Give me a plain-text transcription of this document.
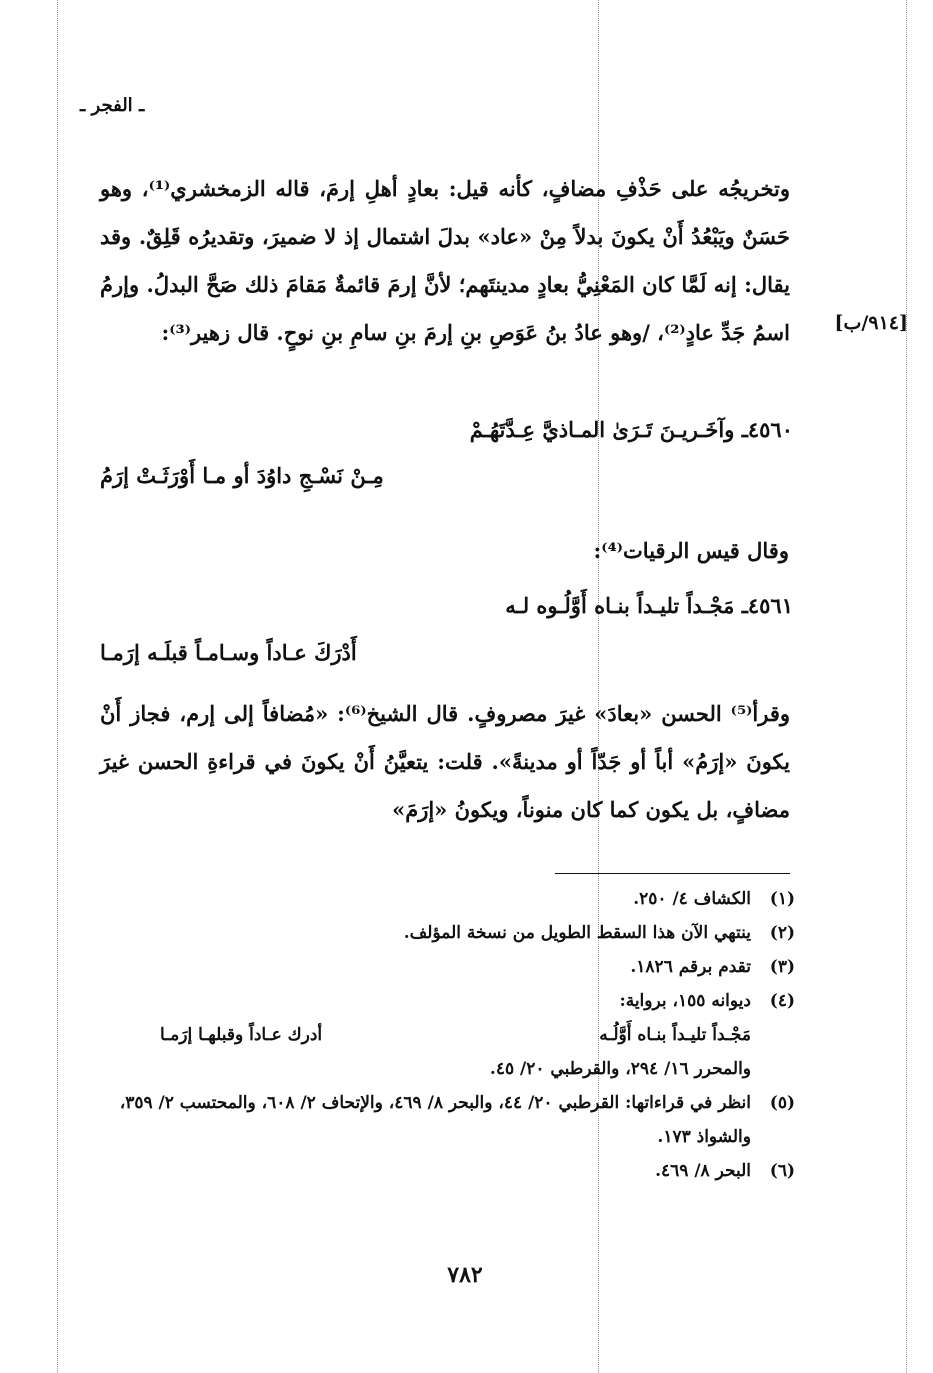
ـ الفجر ـ
[٩١٤/ب]
وتخريجُه على حَذْفِ مضافٍ، كأنه قيل: بعادٍ أهلِ إرمَ، قاله الزمخشري⁽¹⁾، وهو حَسَنٌ ويَبْعُدُ أَنْ يكونَ بدلاً مِنْ «عاد» بدلَ اشتمال إذ لا ضميرَ، وتقديرُه قَلِقٌ. وقد يقال: إنه لَمَّا كان المَعْنِيُّ بعادٍ مدينتَهم؛ لأنَّ إرمَ قائمةٌ مَقامَ ذلك صَحَّ البدلُ. وإرمُ اسمُ جَدِّ عادٍ⁽²⁾، /وهو عادُ بنُ عَوَصِ بنِ إرمَ بنِ سامِ بنِ نوحٍ. قال زهير⁽³⁾:
٤٥٦٠ـ وآخَـريـنَ تَـرَىٰ المـاذيَّ عِـدَّتَهُـمْ
مِـنْ نَسْـجِ داوُدَ أو مـا أَوْرَثَـتْ إرَمُ
وقال قيس الرقيات⁽⁴⁾:
٤٥٦١ـ مَجْـداً تليـداً بنـاه أَوَّلُـوه لـه
أَدْرَكَ عـاداً وسـامـاً قبلَـه إرَمـا
وقرأ⁽⁵⁾ الحسن «بعادَ» غيرَ مصروفٍ. قال الشيخ⁽⁶⁾: «مُضافاً إلى إرم، فجاز أَنْ يكونَ «إرَمُ» أباً أو جَدّاً أو مدينةً». قلت: يتعيَّنُ أَنْ يكونَ في قراءةِ الحسن غيرَ مضافٍ، بل يكون كما كان منوناً، ويكونُ «إرَمَ»
(١)
الكشاف ٤/ ٢٥٠.
(٢)
ينتهي الآن هذا السقط الطويل من نسخة المؤلف.
(٣)
تقدم برقم ١٨٢٦.
(٤)
ديوانه ١٥٥، برواية:
مَجْـداً تليـداً بنـاه أَوَّلُـه
أدرك عـاداً وقبلهـا إرَمـا
والمحرر ١٦/ ٢٩٤، والقرطبي ٢٠/ ٤٥.
(٥)
انظر في قراءاتها: القرطبي ٢٠/ ٤٤، والبحر ٨/ ٤٦٩، والإتحاف ٢/ ٦٠٨، والمحتسب ٢/ ٣٥٩، والشواذ ١٧٣.
(٦)
البحر ٨/ ٤٦٩.
٧٨٢
